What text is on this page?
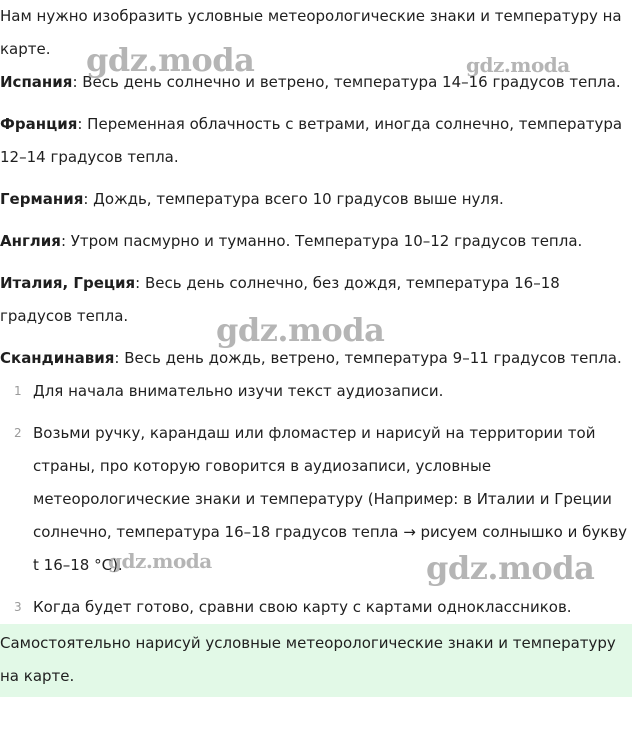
Нам нужно изобразить условные метеорологические знаки и температуру на карте.

Испания: Весь день солнечно и ветрено, температура 14–16 градусов тепла.

Франция: Переменная облачность с ветрами, иногда солнечно, температура 12–14 градусов тепла.

Германия: Дождь, температура всего 10 градусов выше нуля.

Англия: Утром пасмурно и туманно. Температура 10–12 градусов тепла.

Италия, Греция: Весь день солнечно, без дождя, температура 16–18 градусов тепла.

Скандинавия: Весь день дождь, ветрено, температура 9–11 градусов тепла.

1 Для начала внимательно изучи текст аудиозаписи.
2 Возьми ручку, карандаш или фломастер и нарисуй на территории той страны, про которую говорится в аудиозаписи, условные метеорологические знаки и температуру (Например: в Италии и Греции солнечно, температура 16–18 градусов тепла → рисуем солнышко и букву t 16–18 °C).
3 Когда будет готово, сравни свою карту с картами одноклассников.
Самостоятельно нарисуй условные метеорологические знаки и температуру на карте.
gdz.moda	gdz.moda
gdz.moda
gdz.moda	gdz.moda
